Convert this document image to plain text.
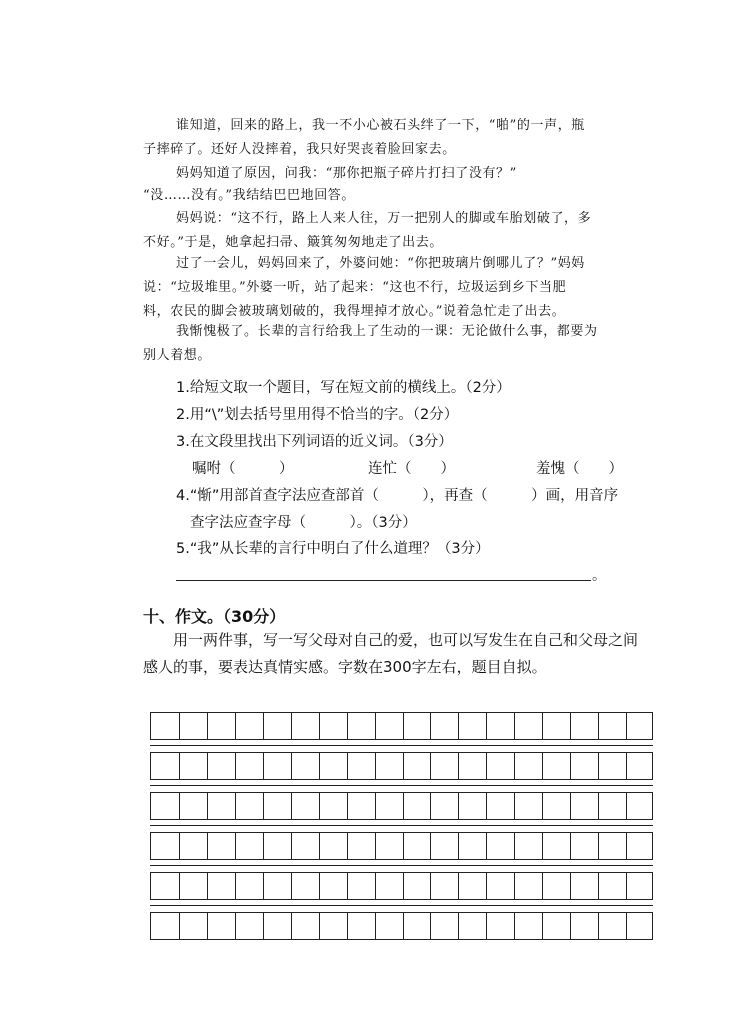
谁知道，回来的路上，我一不小心被石头绊了一下，“啪”的一声，瓶
子摔碎了。还好人没摔着，我只好哭丧着脸回家去。
妈妈知道了原因，问我：“那你把瓶子碎片打扫了没有？”
“没……没有。”我结结巴巴地回答。
妈妈说：“这不行，路上人来人往，万一把别人的脚或车胎划破了，多
不好。”于是，她拿起扫帚、簸箕匆匆地走了出去。
过了一会儿，妈妈回来了，外婆问她：“你把玻璃片倒哪儿了？”妈妈
说：“垃圾堆里。”外婆一听，站了起来：“这也不行，垃圾运到乡下当肥
料，农民的脚会被玻璃划破的，我得埋掉才放心。”说着急忙走了出去。
我惭愧极了。长辈的言行给我上了生动的一课：无论做什么事，都要为
别人着想。
1.给短文取一个题目，写在短文前的横线上。（2分）
2.用“\”划去括号里用得不恰当的字。（2分）
3.在文段里找出下列词语的近义词。（3分）
嘱咐（　　　）	连忙（　　）	羞愧（　　）
4.“惭”用部首查字法应查部首（　　　），再查（　　　）画，用音序
查字法应查字母（　　　）。（3分）
5.“我”从长辈的言行中明白了什么道理？（3分）
。
十、作文。（30分）
用一两件事，写一写父母对自己的爱，也可以写发生在自己和父母之间
感人的事，要表达真情实感。字数在300字左右，题目自拟。
